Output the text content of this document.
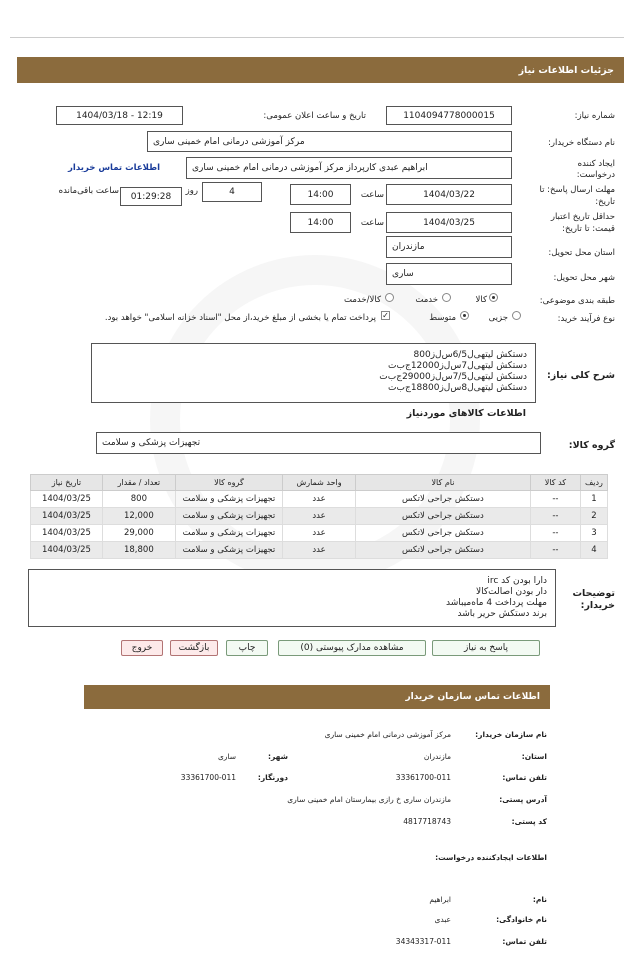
جزئیات اطلاعات نیاز
شماره نیاز:
1104094778000015
تاریخ و ساعت اعلان عمومی:
1404/03/18 - 12:19
نام دستگاه خریدار:
مرکز آموزشی درمانی امام خمینی ساری
ایجاد کننده
درخواست:
ابراهیم عبدی کارپرداز مرکز آموزشی درمانی امام خمینی ساری
اطلاعات تماس خریدار
مهلت ارسال پاسخ: تا
تاریخ:
1404/03/22
ساعت
14:00
4
روز
01:29:28
ساعت باقی‌مانده
حداقل تاریخ اعتبار
قیمت: تا تاریخ:
1404/03/25
ساعت
14:00
استان محل تحویل:
مازندران
شهر محل تحویل:
ساری
طبقه بندی موضوعی:
کالا
خدمت
کالا/خدمت
نوع فرآیند خرید:
جزیی
متوسط
✓
پرداخت تمام یا بخشی از مبلغ خرید،از محل "اسناد خزانه اسلامی" خواهد بود.
شرح کلی نیاز:
دستکش لیتهی‌ل6/5س‌ل‌ز800
دستکش لیتهی‌ل7س‌ل‌ز12000ج‌ب‌ت
دستکش لیتهی‌ل7/5س‌ل‌ز29000ج‌ب‌ت
دستکش لیتهی‌ل8س‌ل‌ز18800ج‌ب‌ت
اطلاعات کالاهای موردنیاز
گروه کالا:
تجهیزات پزشکی و سلامت
ردیف	کد کالا	نام کالا	واحد شمارش	گروه کالا	تعداد / مقدار	تاریخ نیاز
1	--	دستکش جراحی لاتکس	عدد	تجهیزات پزشکی و سلامت	800	1404/03/25
2	--	دستکش جراحی لاتکس	عدد	تجهیزات پزشکی و سلامت	12,000	1404/03/25
3	--	دستکش جراحی لاتکس	عدد	تجهیزات پزشکی و سلامت	29,000	1404/03/25
4	--	دستکش جراحی لاتکس	عدد	تجهیزات پزشکی و سلامت	18,800	1404/03/25
توضیحات
خریدار:
دارا بودن کد irc
دار بودن اصالت‌کالا
مهلت پرداخت 4 ماه‌میباشد
برند دستکش حریر باشد
پاسخ به نیاز
مشاهده مدارک پیوستی (0)
چاپ
بازگشت
خروج
اطلاعات تماس سازمان خریدار
نام سازمان خریدار:
مرکز آموزشی درمانی امام خمینی ساری
استان:
مازندران
شهر:
ساری
تلفن تماس:
33361700-011
دورنگار:
33361700-011
آدرس پستی:
مازندران ساری خ رازی بیمارستان امام خمینی ساری
کد پستی:
4817718743
اطلاعات ایجادکننده درخواست:
نام:
ابراهیم
نام خانوادگی:
عبدی
تلفن تماس:
34343317-011
